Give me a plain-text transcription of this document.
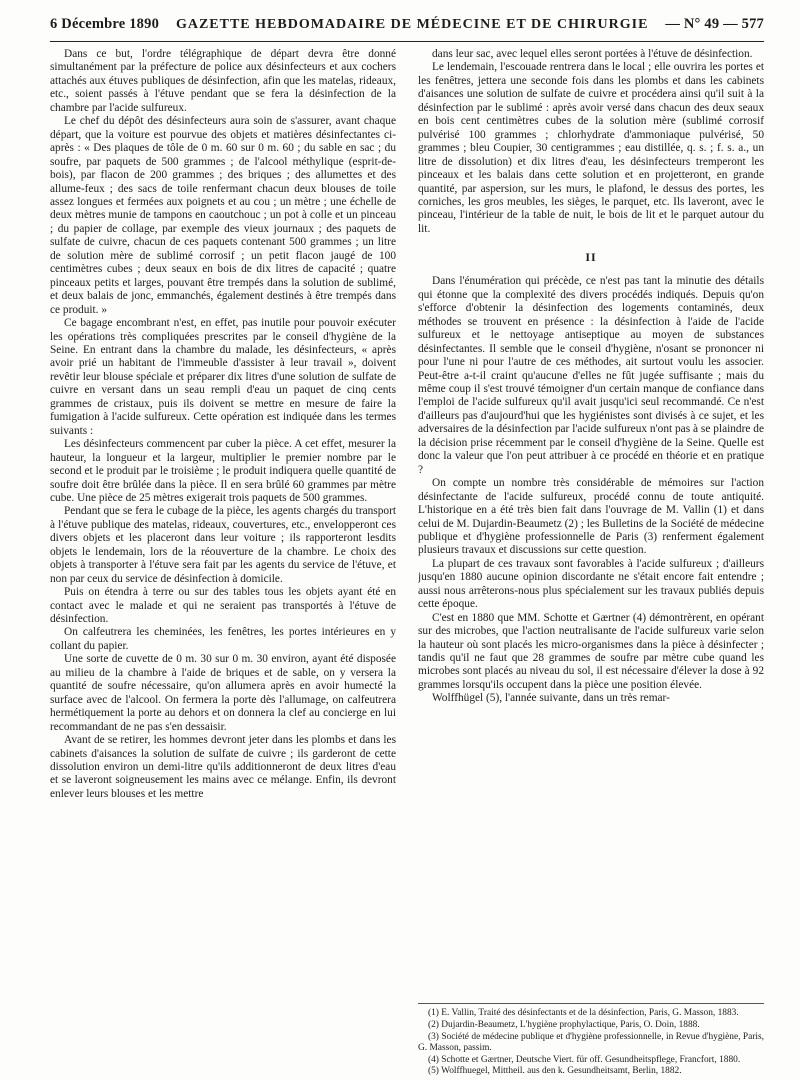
6 Décembre 1890 GAZETTE HEBDOMADAIRE DE MÉDECINE ET DE CHIRURGIE — N° 49 — 577

Dans ce but, l'ordre télégraphique de départ devra être donné simultanément par la préfecture de police aux désinfecteurs et aux cochers attachés aux étuves publiques de désinfection, afin que les matelas, rideaux, etc., soient passés à l'étuve pendant que se fera la désinfection de la chambre par l'acide sulfureux.

Le chef du dépôt des désinfecteurs aura soin de s'assurer, avant chaque départ, que la voiture est pourvue des objets et matières désinfectantes ci-après : « Des plaques de tôle de 0 m. 60 sur 0 m. 60 ; du sable en sac ; du soufre, par paquets de 500 grammes ; de l'alcool méthylique (esprit-de-bois), par flacon de 200 grammes ; des briques ; des allumettes et des allume-feux ; des sacs de toile renfermant chacun deux blouses de toile assez longues et fermées aux poignets et au cou ; un mètre ; une échelle de deux mètres munie de tampons en caoutchouc ; un pot à colle et un pinceau ; du papier de collage, par exemple des vieux journaux ; des paquets de sulfate de cuivre, chacun de ces paquets contenant 500 grammes ; un litre de solution mère de sublimé corrosif ; un petit flacon jaugé de 100 centimètres cubes ; deux seaux en bois de dix litres de capacité ; quatre pinceaux petits et larges, pouvant être trempés dans la solution de sublimé, et deux balais de jonc, emmanchés, également destinés à être trempés dans ce produit. »

Ce bagage encombrant n'est, en effet, pas inutile pour pouvoir exécuter les opérations très compliquées prescrites par le conseil d'hygiène de la Seine. En entrant dans la chambre du malade, les désinfecteurs, « après avoir prié un habitant de l'immeuble d'assister à leur travail », doivent revêtir leur blouse spéciale et préparer dix litres d'une solution de sulfate de cuivre en versant dans un seau rempli d'eau un paquet de cinq cents grammes de cristaux, puis ils doivent se mettre en mesure de faire la fumigation à l'acide sulfureux. Cette opération est indiquée dans les termes suivants :

Les désinfecteurs commencent par cuber la pièce. A cet effet, mesurer la hauteur, la longueur et la largeur, multiplier le premier nombre par le second et le produit par le troisième ; le produit indiquera quelle quantité de soufre doit être brûlée dans la pièce. Il en sera brûlé 60 grammes par mètre cube. Une pièce de 25 mètres exigerait trois paquets de 500 grammes.

Pendant que se fera le cubage de la pièce, les agents chargés du transport à l'étuve publique des matelas, rideaux, couvertures, etc., envelopperont ces divers objets et les placeront dans leur voiture ; ils rapporteront lesdits objets le lendemain, lors de la réouverture de la chambre. Le choix des objets à transporter à l'étuve sera fait par les agents du service de l'étuve, et non par ceux du service de désinfection à domicile.

Puis on étendra à terre ou sur des tables tous les objets ayant été en contact avec le malade et qui ne seraient pas transportés à l'étuve de désinfection.

On calfeutrera les cheminées, les fenêtres, les portes intérieures en y collant du papier.

Une sorte de cuvette de 0 m. 30 sur 0 m. 30 environ, ayant été disposée au milieu de la chambre à l'aide de briques et de sable, on y versera la quantité de soufre nécessaire, qu'on allumera après en avoir humecté la surface avec de l'alcool. On fermera la porte dès l'allumage, on calfeutrera hermétiquement la porte au dehors et on donnera la clef au concierge en lui recommandant de ne pas s'en dessaisir.

Avant de se retirer, les hommes devront jeter dans les plombs et dans les cabinets d'aisances la solution de sulfate de cuivre ; ils garderont de cette dissolution environ un demi-litre qu'ils additionneront de deux litres d'eau et se laveront soigneusement les mains avec ce mélange. Enfin, ils devront enlever leurs blouses et les mettre

dans leur sac, avec lequel elles seront portées à l'étuve de désinfection.

Le lendemain, l'escouade rentrera dans le local ; elle ouvrira les portes et les fenêtres, jettera une seconde fois dans les plombs et dans les cabinets d'aisances une solution de sulfate de cuivre et procédera ainsi qu'il suit à la désinfection par le sublimé : après avoir versé dans chacun des deux seaux en bois cent centimètres cubes de la solution mère (sublimé corrosif pulvérisé 100 grammes ; chlorhydrate d'ammoniaque pulvérisé, 50 grammes ; bleu Coupier, 30 centigrammes ; eau distillée, q. s. ; f. s. a., un litre de dissolution) et dix litres d'eau, les désinfecteurs tremperont les pinceaux et les balais dans cette solution et en projetteront, en grande quantité, par aspersion, sur les murs, le plafond, le dessus des portes, les corniches, les gros meubles, les sièges, le parquet, etc. Ils laveront, avec le pinceau, l'intérieur de la table de nuit, le bois de lit et le parquet autour du lit.

II

Dans l'énumération qui précède, ce n'est pas tant la minutie des détails qui étonne que la complexité des divers procédés indiqués. Depuis qu'on s'efforce d'obtenir la désinfection des logements contaminés, deux méthodes se trouvent en présence : la désinfection à l'aide de l'acide sulfureux et le nettoyage antiseptique au moyen de substances désinfectantes. Il semble que le conseil d'hygiène, n'osant se prononcer ni pour l'une ni pour l'autre de ces méthodes, ait surtout voulu les associer. Peut-être a-t-il craint qu'aucune d'elles ne fût jugée suffisante ; mais du même coup il s'est trouvé témoigner d'un certain manque de confiance dans l'emploi de l'acide sulfureux qu'il avait jusqu'ici seul recommandé. Ce n'est d'ailleurs pas d'aujourd'hui que les hygiénistes sont divisés à ce sujet, et les adversaires de la désinfection par l'acide sulfureux n'ont pas à se plaindre de la décision prise récemment par le conseil d'hygiène de la Seine. Quelle est donc la valeur que l'on peut attribuer à ce procédé en théorie et en pratique ?

On compte un nombre très considérable de mémoires sur l'action désinfectante de l'acide sulfureux, procédé connu de toute antiquité. L'historique en a été très bien fait dans l'ouvrage de M. Vallin (1) et dans celui de M. Dujardin-Beaumetz (2) ; les Bulletins de la Société de médecine publique et d'hygiène professionnelle de Paris (3) renferment également plusieurs travaux et discussions sur cette question.

La plupart de ces travaux sont favorables à l'acide sulfureux ; d'ailleurs jusqu'en 1880 aucune opinion discordante ne s'était encore fait entendre ; aussi nous arrêterons-nous plus spécialement sur les travaux publiés depuis cette époque.

C'est en 1880 que MM. Schotte et Gærtner (4) démontrèrent, en opérant sur des microbes, que l'action neutralisante de l'acide sulfureux varie selon la hauteur où sont placés les micro-organismes dans la pièce à désinfecter ; tandis qu'il ne faut que 28 grammes de soufre par mètre cube quand les microbes sont placés au niveau du sol, il est nécessaire d'élever la dose à 92 grammes lorsqu'ils occupent dans la pièce une position élevée.

Wolffhügel (5), l'année suivante, dans un très remar-

(1) E. Vallin, Traité des désinfectants et de la désinfection, Paris, G. Masson, 1883.

(2) Dujardin-Beaumetz, L'hygiène prophylactique, Paris, O. Doin, 1888.

(3) Société de médecine publique et d'hygiène professionnelle, in Revue d'hygiène, Paris, G. Masson, passim.

(4) Schotte et Gærtner, Deutsche Viert. für off. Gesundheitspflege, Francfort, 1880.

(5) Wolffhuegel, Mittheil. aus den k. Gesundheitsamt, Berlin, 1882.
